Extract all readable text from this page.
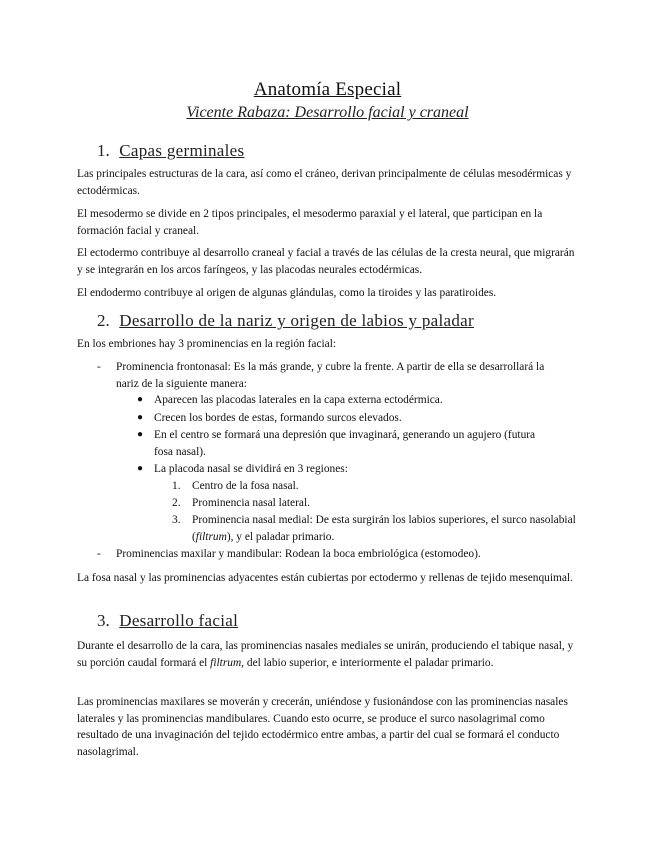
Anatomía Especial
Vicente Rabaza: Desarrollo facial y craneal
1. Capas germinales
Las principales estructuras de la cara, así como el cráneo, derivan principalmente de células mesodérmicas y ectodérmicas.
El mesodermo se divide en 2 tipos principales, el mesodermo paraxial y el lateral, que participan en la formación facial y craneal.
El ectodermo contribuye al desarrollo craneal y facial a través de las células de la cresta neural, que migrarán y se integrarán en los arcos faríngeos, y las placodas neurales ectodérmicas.
El endodermo contribuye al origen de algunas glándulas, como la tiroides y las paratiroides.
2. Desarrollo de la nariz y origen de labios y paladar
En los embriones hay 3 prominencias en la región facial:
- Prominencia frontonasal: Es la más grande, y cubre la frente. A partir de ella se desarrollará la nariz de la siguiente manera:
● Aparecen las placodas laterales en la capa externa ectodérmica.
● Crecen los bordes de estas, formando surcos elevados.
● En el centro se formará una depresión que invaginará, generando un agujero (futura fosa nasal).
● La placoda nasal se dividirá en 3 regiones:
1. Centro de la fosa nasal.
2. Prominencia nasal lateral.
3. Prominencia nasal medial: De esta surgirán los labios superiores, el surco nasolabial (filtrum), y el paladar primario.
- Prominencias maxilar y mandibular: Rodean la boca embriológica (estomodeo).
La fosa nasal y las prominencias adyacentes están cubiertas por ectodermo y rellenas de tejido mesenquimal.
3. Desarrollo facial
Durante el desarrollo de la cara, las prominencias nasales mediales se unirán, produciendo el tabique nasal, y su porción caudal formará el filtrum, del labio superior, e interiormente el paladar primario.
Las prominencias maxilares se moverán y crecerán, uniéndose y fusionándose con las prominencias nasales laterales y las prominencias mandibulares. Cuando esto ocurre, se produce el surco nasolagrimal como resultado de una invaginación del tejido ectodérmico entre ambas, a partir del cual se formará el conducto nasolagrimal.
